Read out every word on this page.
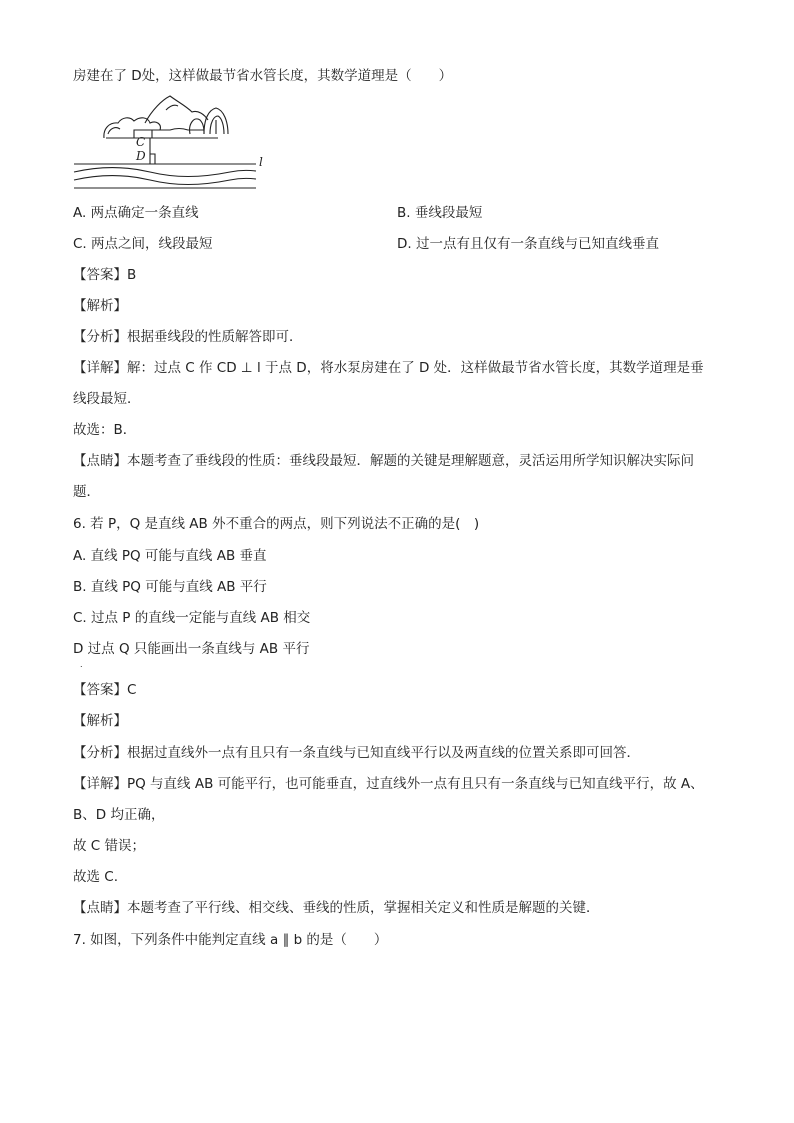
房建在了 D处，这样做最节省水管长度，其数学道理是（　　）
C
D	l
A. 两点确定一条直线	B. 垂线段最短
C. 两点之间，线段最短	D. 过一点有且仅有一条直线与已知直线垂直
【答案】B
【解析】
【分析】根据垂线段的性质解答即可．
【详解】解：过点 C 作 CD ⊥ l 于点 D，将水泵房建在了 D 处．这样做最节省水管长度，其数学道理是垂
线段最短．
故选：B．
【点睛】本题考查了垂线段的性质：垂线段最短．解题的关键是理解题意，灵活运用所学知识解决实际问
题．
6. 若 P，Q 是直线 AB 外不重合的两点，则下列说法不正确的是(　)
A. 直线 PQ 可能与直线 AB 垂直
B. 直线 PQ 可能与直线 AB 平行
C. 过点 P 的直线一定能与直线 AB 相交
D 过点 Q 只能画出一条直线与 AB 平行
.
【答案】C
【解析】
【分析】根据过直线外一点有且只有一条直线与已知直线平行以及两直线的位置关系即可回答．
【详解】PQ 与直线 AB 可能平行，也可能垂直，过直线外一点有且只有一条直线与已知直线平行，故 A、
B、D 均正确，
故 C 错误；
故选 C.
【点睛】本题考查了平行线、相交线、垂线的性质，掌握相关定义和性质是解题的关键．
7. 如图，下列条件中能判定直线 a ∥ b 的是（　　）
